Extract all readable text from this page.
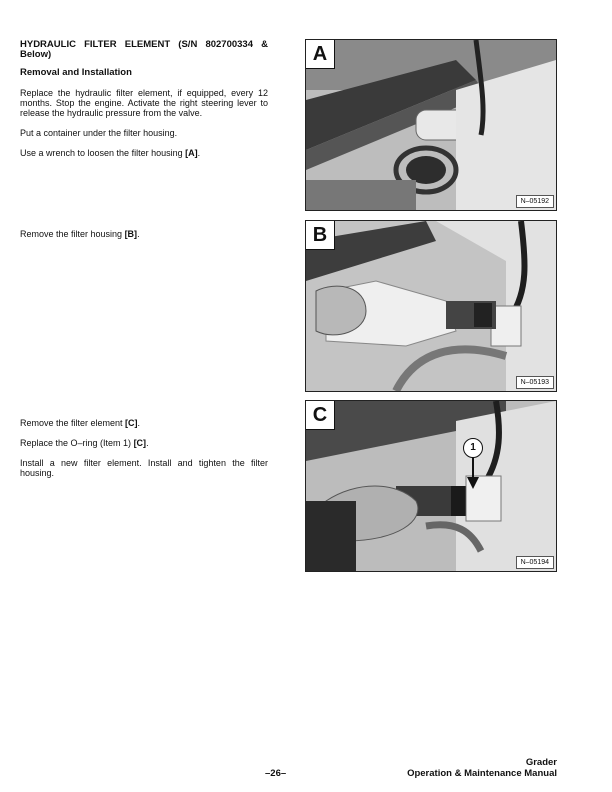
HYDRAULIC FILTER ELEMENT (S/N 802700334 & Below)

Removal and Installation

Replace the hydraulic filter element, if equipped, every 12 months. Stop the engine. Activate the right steering lever to release the hydraulic pressure from the valve.

Put a container under the filter housing.

Use a wrench to loosen the filter housing [A].

Remove the filter housing [B].

Remove the filter element [C].

Replace the O–ring (Item 1) [C].

Install a new filter element. Install and tighten the filter housing.

A
N–05192
B
N–05193
1
C
N–05194
–26–
Grader
Operation & Maintenance Manual
